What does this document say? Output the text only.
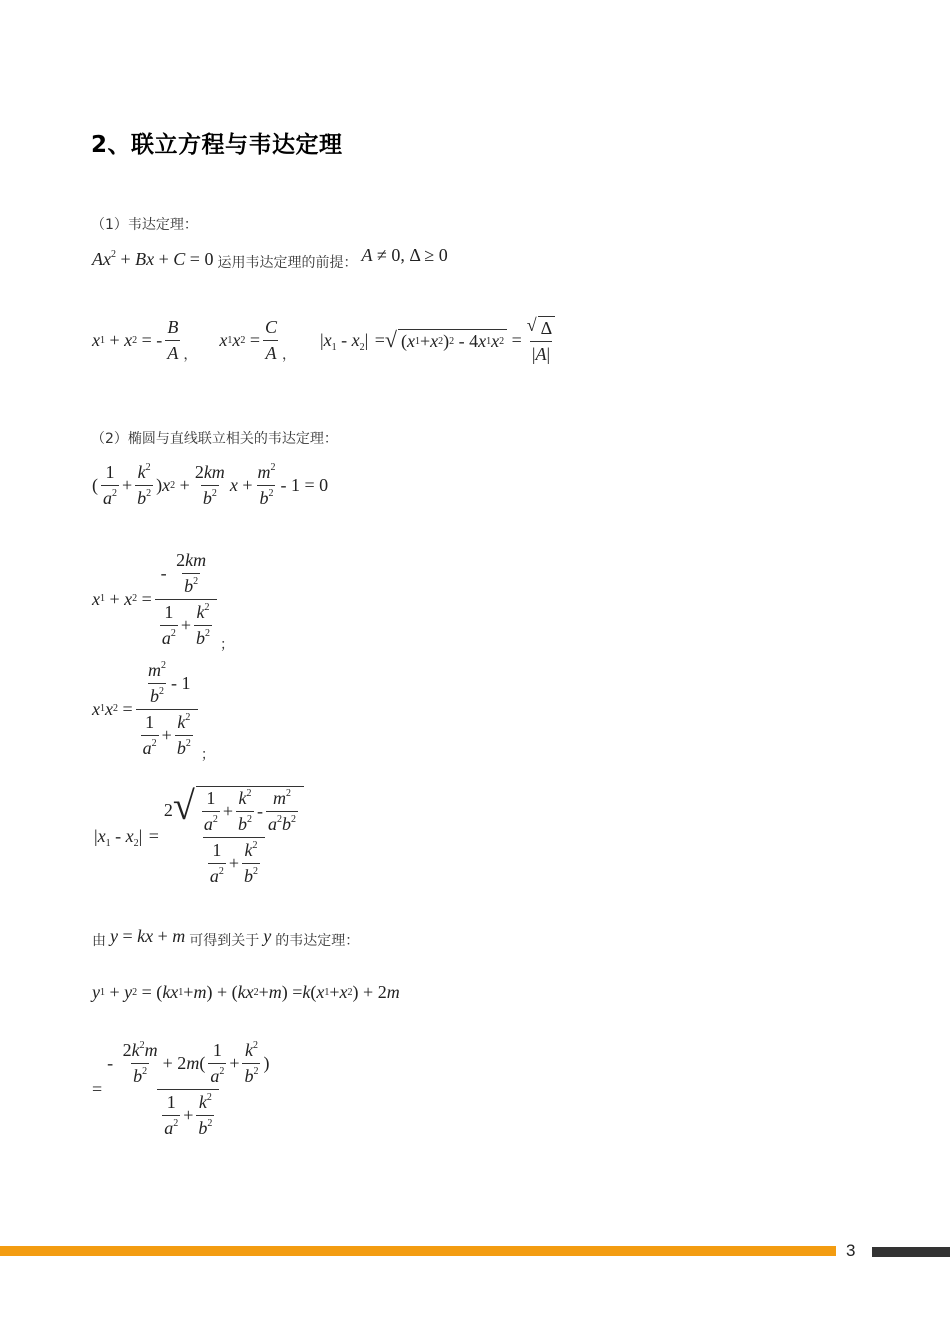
2、联立方程与韦达定理
（1）韦达定理：
$Ax^2 + Bx + C = 0$ 运用韦达定理的前提： A ≠ 0, Δ ≥ 0
x 1 + x 2 = - $\frac{B}{A}$ ，
x 1 x $2 = \frac{C}{A}$ ，
$|x_1 - x_2|$ = √ ( x 1 + x 2 ) 2 - 4 x 1 x $2 = \frac{√ \Delta}{|A|}$
（2）椭圆与直线联立相关的韦达定理：
( $\frac{1}{a^2} + \frac{k^2}{b^2}$ ) x $2 + \frac{2km}{b^2}$ $x + \frac{m^2}{b^2} - 1 = 0$
x 1 + x $2 = \frac{- \frac{2km}{b^2}}{\frac{1}{a^2} + \frac{k^2}{b^2}}$ ；
x 1 x $2 = \frac{\frac{m^2}{b^2} - 1}{\frac{1}{a^2} + \frac{k^2}{b^2}}$ ；
$|x_1 - x_2| = \frac{2 √ \frac{1}{a^2} + \frac{k^2}{b^2} - \frac{m^2}{a^2b^2}}{\frac{1}{a^2} + \frac{k^2}{b^2}}$
由 y = kx + m 可得到关于 y 的韦达定理：
y 1 + y 2 = ( kx 1 + m ) + ( kx 2 + m ) = k ( x 1 + x 2 ) + 2 m
= $\frac{- \frac{2k^2m}{b^2} + 2 m ( \frac{1}{a^2} + \frac{k^2}{b^2} )}{\frac{1}{a^2} + \frac{k^2}{b^2}}$
3
